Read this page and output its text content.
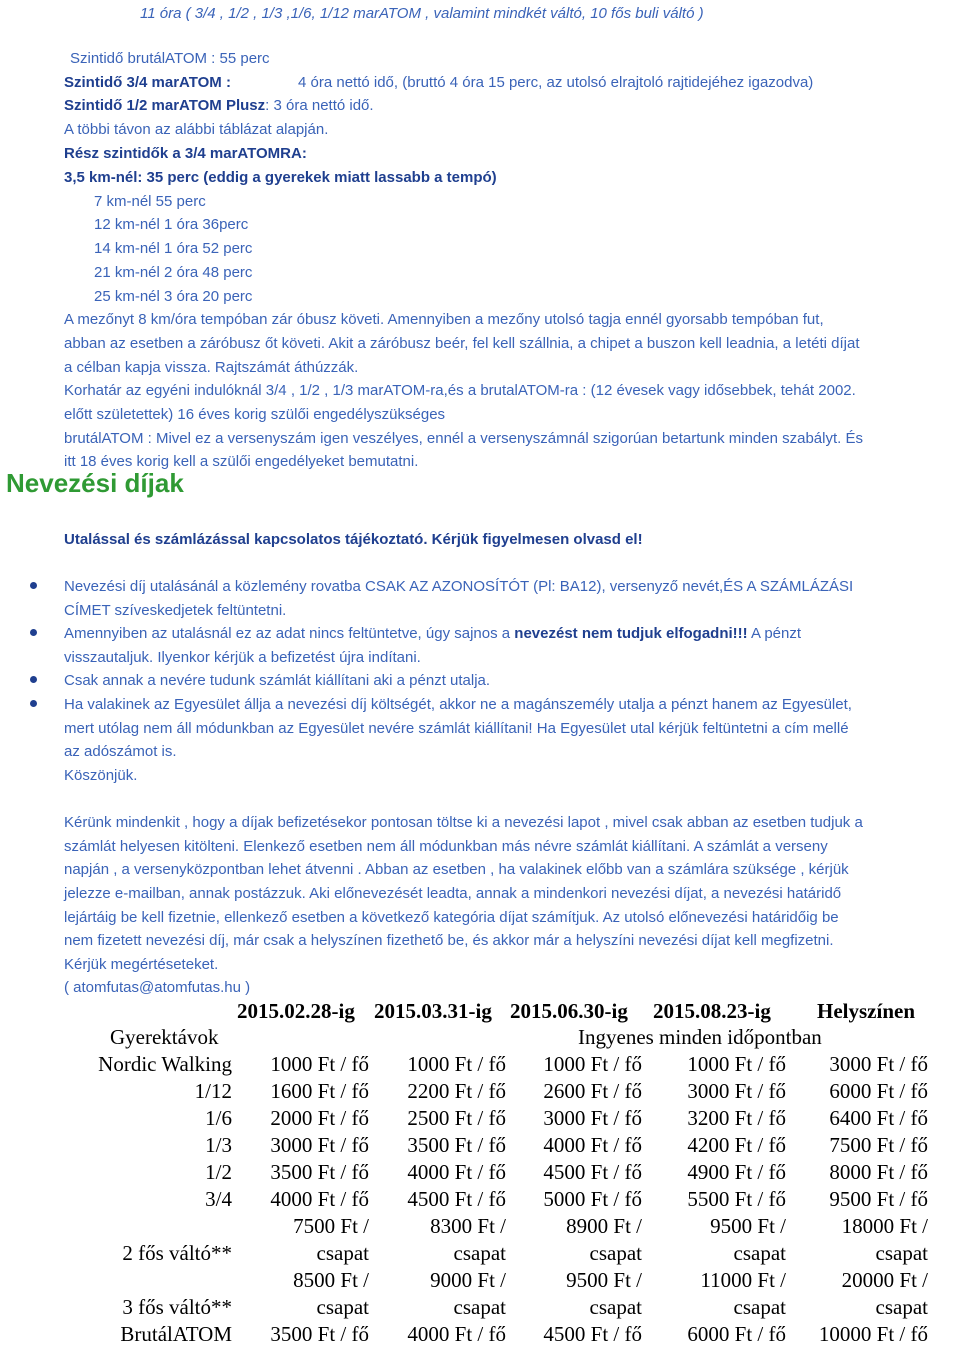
11 óra ( 3/4 , 1/2 , 1/3 ,1/6, 1/12 marATOM , valamint mindkét váltó, 10 fős buli váltó )
Szintidő brutálATOM : 55 perc
Szintidő 3/4 marATOM :	4 óra nettó idő, (bruttó 4 óra 15 perc, az utolsó elrajtoló rajtidejéhez igazodva)
Szintidő 1/2 marATOM Plusz: 3 óra nettó idő.
A többi távon az alábbi táblázat alapján.
Rész szintidők a 3/4 marATOMRA:
3,5 km-nél: 35 perc (eddig a gyerekek miatt lassabb a tempó)
7 km-nél 55 perc
12 km-nél 1 óra 36perc
14 km-nél 1 óra 52 perc
21 km-nél 2 óra 48 perc
25 km-nél 3 óra 20 perc
A mezőnyt 8 km/óra tempóban zár óbusz követi. Amennyiben a mezőny utolsó tagja ennél gyorsabb tempóban fut,
abban az esetben a záróbusz őt követi. Akit a záróbusz beér, fel kell szállnia, a chipet a buszon kell leadnia, a letéti díjat
a célban kapja vissza. Rajtszámát áthúzzák.
Korhatár az egyéni indulóknál 3/4 , 1/2 , 1/3 marATOM-ra,és a brutalATOM-ra : (12 évesek vagy idősebbek, tehát 2002.
előtt születettek) 16 éves korig szülői engedélyszükséges
brutálATOM : Mivel ez a versenyszám igen veszélyes, ennél a versenyszámnál szigorúan betartunk minden szabályt. És
itt 18 éves korig kell a szülői engedélyeket bemutatni.
Nevezési díjak
Utalással és számlázással kapcsolatos tájékoztató. Kérjük figyelmesen olvasd el!
Nevezési díj utalásánál a közlemény rovatba CSAK AZ AZONOSÍTÓT (Pl: BA12), versenyző nevét,ÉS A SZÁMLÁZÁSI
CÍMET szíveskedjetek feltüntetni.
Amennyiben az utalásnál ez az adat nincs feltüntetve, úgy sajnos a nevezést nem tudjuk elfogadni!!! A pénzt
visszautaljuk. Ilyenkor kérjük a befizetést újra indítani.
Csak annak a nevére tudunk számlát kiállítani aki a pénzt utalja.
Ha valakinek az Egyesület állja a nevezési díj költségét, akkor ne a magánszemély utalja a pénzt hanem az Egyesület,
mert utólag nem áll módunkban az Egyesület nevére számlát kiállítani! Ha Egyesület utal kérjük feltüntetni a cím mellé
az adószámot is.
Köszönjük.
Kérünk mindenkit , hogy a díjak befizetésekor pontosan töltse ki a nevezési lapot , mivel csak abban az esetben tudjuk a
számlát helyesen kitölteni. Elenkező esetben nem áll módunkban más névre számlát kiállítani. A számlát a verseny
napján , a versenyközpontban lehet átvenni . Abban az esetben , ha valakinek előbb van a számlára szüksége , kérjük
jelezze e-mailban, annak postázzuk. Aki előnevezését leadta, annak a mindenkori nevezési díjat, a nevezési határidő
lejártáig be kell fizetnie, ellenkező esetben a következő kategória díjat számítjuk. Az utolsó előnevezési határidőig be
nem fizetett nevezési díj, már csak a helyszínen fizethető be, és akkor már a helyszíni nevezési díjat kell megfizetni.
Kérjük megértéseteket.
( atomfutas@atomfutas.hu )
2015.02.28-ig 2015.03.31-ig 2015.06.30-ig 2015.08.23-ig Helyszínen
Gyerektávok	Ingyenes minden időpontban
Nordic Walking 1000 Ft / fő 1000 Ft / fő 1000 Ft / fő 1000 Ft / fő 3000 Ft / fő
1/12 1600 Ft / fő 2200 Ft / fő 2600 Ft / fő 3000 Ft / fő 6000 Ft / fő
1/6 2000 Ft / fő 2500 Ft / fő 3000 Ft / fő 3200 Ft / fő 6400 Ft / fő
1/3 3000 Ft / fő 3500 Ft / fő 4000 Ft / fő 4200 Ft / fő 7500 Ft / fő
1/2 3500 Ft / fő 4000 Ft / fő 4500 Ft / fő 4900 Ft / fő 8000 Ft / fő
3/4 4000 Ft / fő 4500 Ft / fő 5000 Ft / fő 5500 Ft / fő 9500 Ft / fő
7500 Ft /	8300 Ft /	8900 Ft /	9500 Ft /	18000 Ft /
2 fős váltó**	csapat	csapat	csapat	csapat	csapat
8500 Ft /	9000 Ft /	9500 Ft /	11000 Ft /	20000 Ft /
3 fős váltó**	csapat	csapat	csapat	csapat	csapat
BrutálATOM 3500 Ft / fő 4000 Ft / fő 4500 Ft / fő 6000 Ft / fő 10000 Ft / fő
